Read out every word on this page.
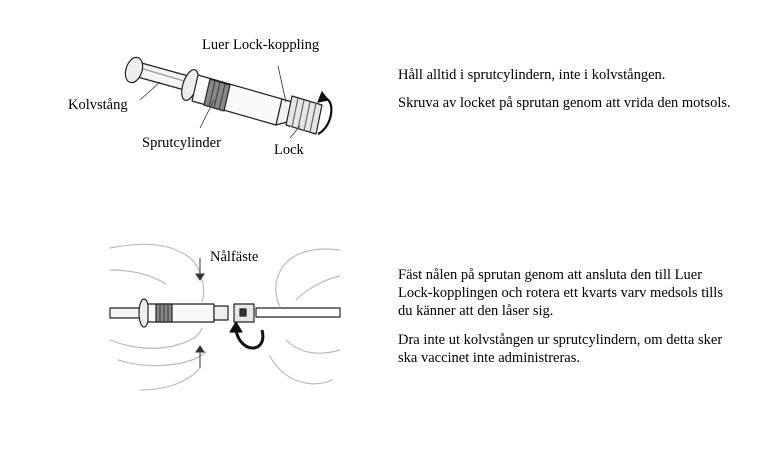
Luer Lock-koppling
Kolvstång
Sprutcylinder	Lock

Håll alltid i sprutcylindern, inte i kolvstången.

Skruva av locket på sprutan genom att vrida den motsols.

Nålfäste

Fäst nålen på sprutan genom att ansluta den till Luer Lock-kopplingen och rotera ett kvarts varv medsols tills du känner att den låser sig.

Dra inte ut kolvstången ur sprutcylindern, om detta sker ska vaccinet inte administreras.
